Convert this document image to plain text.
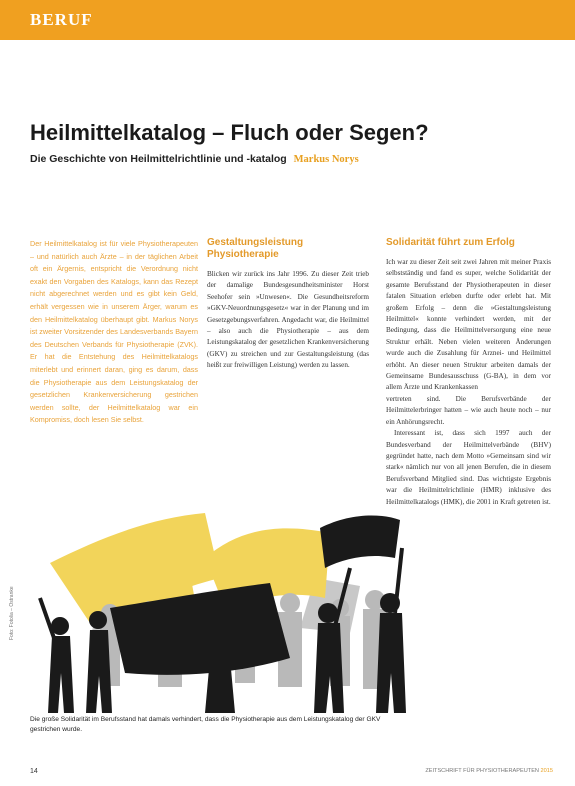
BERUF
Heilmittelkatalog – Fluch oder Segen?
Die Geschichte von Heilmittelrichtlinie und -katalog Markus Norys
Der Heilmittelkatalog ist für viele Physiotherapeuten – und natürlich auch Ärzte – in der täglichen Arbeit oft ein Ärgernis, entspricht die Verordnung nicht exakt den Vorgaben des Katalogs, kann das Rezept nicht abgerechnet werden und es gibt kein Geld, erhält vergessen wie in unserem Ärger, warum es den Heilmittelkatalog überhaupt gibt. Markus Norys ist zweiter Vorsitzender des Landesverbands Bayern des Deutschen Verbands für Physiotherapie (ZVK). Er hat die Entstehung des Heilmittelkatalogs miterlebt und erinnert daran, ging es darum, dass die Physiotherapie aus dem Leistungskatalog der gesetzlichen Krankenversicherung gestrichen werden sollte, der Heilmittelkatalog war ein Kompromiss, doch lesen Sie selbst.
Gestaltungsleistung Physiotherapie
Blicken wir zurück ins Jahr 1996. Zu dieser Zeit trieb der damalige Bundesgesundheitsminister Horst Seehofer sein »Unwesen«. Die Gesundheitsreform »GKV-Neuordnungsgesetz« war in der Planung und im Gesetzgebungsverfahren. Angedacht war, die Heilmittel – also auch die Physiotherapie – aus dem Leistungskatalog der gesetzlichen Krankenversicherung (GKV) zu streichen und zur Gestaltungsleistung (das heißt zur freiwilligen Leistung) werden zu lassen.
Solidarität führt zum Erfolg

Ich war zu dieser Zeit seit zwei Jahren mit meiner Praxis selbstständig und fand es super, welche Solidarität der gesamte Berufsstand der Physiotherapeuten in dieser fatalen Situation erleben durfte oder erlebt hat. Mit großem Erfolg – denn die »Gestaltungsleistung Heilmittel« konnte verhindert werden, mit der Bedingung, dass die Heilmittelversorgung eine neue Struktur erhält. Neben vielen weiteren Änderungen wurde auch die Zusahlung für Arznei- und Heilmittel erhöht. An dieser neuen Struktur arbeiten damals der Gemeinsame Bundesausschuss (G-BA), in dem vor allem Ärzte und Krankenkassen

vertreten sind. Die Berufsverbände der Heilmittelerbringer hatten – wie auch heute noch – nur ein Anhörungsrecht.

Interessant ist, dass sich 1997 auch der Bundesverband der Heilmittelverbände (BHV) gegründet hatte, nach dem Motto »Gemeinsam sind wir stark« nämlich nur von all jenen Berufen, die in diesem Berufsverband Mitglied sind. Das wichtigste Ergebnis war die Heilmittelrichtlinie (HMR) inklusive des Heilmittelkatalogs (HMK), die 2001 in Kraft getreten ist.

Foto: Fotolia – Ostranke
Die große Solidarität im Berufsstand hat damals verhindert, dass die Physiotherapie aus dem Leistungskatalog der GKV gestrichen wurde.
14	ZEITSCHRIFT FÜR PHYSIOTHERAPEUTEN 2015
